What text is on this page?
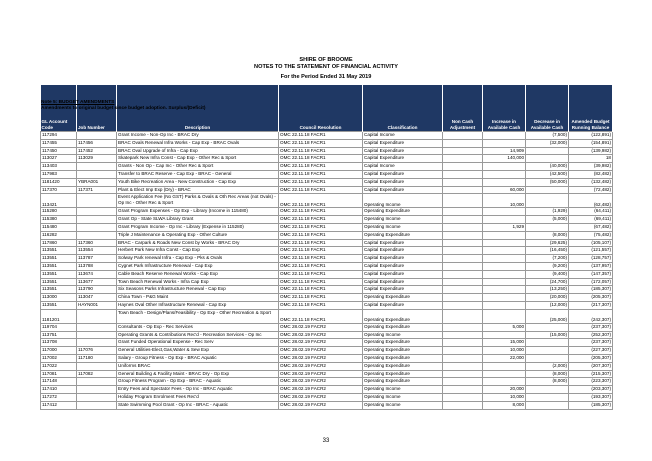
SHIRE OF BROOME
NOTES TO THE STATEMENT OF FINANCIAL ACTIVITY
For the Period Ended 31 May 2019
GL Account Code	Job Number	Description	Council Resolution	Classification	Non Cash Adjustment	Increase in Available Cash	Decrease in Available Cash	Amended Budget Running Balance
117294		Grant Income - Non-Op Inc - BRAC Dry	OMC 22.11.18 FACR1	Capital Income			(7,500)	(122,891)
117455	117456	BRAC Ovals Renewal Infra Works - Cap Exp - BRAC Ovals	OMC 22.11.18 FACR1	Capital Expenditure			(32,000)	(154,891)
117450	117452	BRAC Oval Upgrade of Infra - Cap Exp	OMC 22.11.18 FACR1	Capital Expenditure		14,909		(139,982)
113027	113029	Skatepark New Infra Const - Cap Exp - Other Rec & Sport	OMC 22.11.18 FACR1	Capital Expenditure		140,000		18
113403		Grants - Non Op - Cap Inc - Other Rec & Sport	OMC 22.11.18 FACR1	Capital Income			(40,000)	(39,982)
117983		Transfer to BRAC Reserve - Cap Exp - BRAC - General	OMC 22.11.18 FACR1	Capital Expenditure			(42,500)	(82,482)
1181420	YBRA001	Youth Bike Recreation Area - New Construction - Cap Exp	OMC 22.11.18 FACR1	Capital Expenditure			(50,000)	(132,482)
117370	117371	Plant & Elect Imp Exp (Dry) - BRAC	OMC 22.11.18 FACR1	Capital Expenditure		60,000		(72,482)
113421		Event Application Fee (No GST) Parks & Ovals & Oth Rec Areas (not Ovals) - Op Inc - Other Rec & Sport	OMC 22.11.18 FACR1	Operating Income		10,000		(62,482)
115280		Grant Program Expenses - Op Exp - Library (Income in 115480)	OMC 22.11.18 FACR1	Operating Expenditure			(1,929)	(64,411)
115380		Grant Op - State SLWA Library Grant	OMC 22.11.18 FACR1	Operating Income			(5,000)	(69,411)
115480		Grant Program Income - Op Inc - Library (Expense in 115280)	OMC 22.11.18 FACR1	Operating Income		1,929		(67,482)
116282		Triple J Maintenance & Operating Exp - Other Culture	OMC 22.11.18 FACR1	Operating Expenditure			(8,000)	(75,482)
117860	117360	BRAC - Carpark & Roads New Const by Works - BRAC Dry	OMC 22.11.18 FACR1	Capital Expenditure			(29,625)	(105,107)
113551	113554	Herbert Park New Infra Const - Cap Exp	OMC 22.11.18 FACR1	Capital Expenditure			(16,450)	(121,557)
113551	113787	Solway Park renewal Infra - Cap Exp - Pks & Ovals	OMC 22.11.18 FACR1	Capital Expenditure			(7,200)	(128,757)
113551	113788	Cygnet Park Infrastructure Renewal - Cap Exp	OMC 22.11.18 FACR1	Capital Expenditure			(9,200)	(137,957)
113551	113674	Cable Beach Reserve Renewal Works - Cap Exp	OMC 22.11.18 FACR1	Capital Expenditure			(9,400)	(147,357)
113551	113677	Town Beach Renewal Works - Infra Cap Exp	OMC 22.11.18 FACR1	Capital Expenditure			(24,700)	(172,057)
113551	113790	Six Seasons Parks Infrastructure Renewal - Cap Exp	OMC 22.11.18 FACR1	Capital Expenditure			(13,250)	(185,307)
113000	113047	China Town - P&G Maint	OMC 22.11.18 FACR1	Operating Expenditure			(20,000)	(205,307)
113551	HAYN001	Haynes Oval Other Infrastructure Renewal - Cap Exp	OMC 22.11.18 FACR1	Capital Expenditure			(12,000)	(217,307)
1181201		Town Beach - Design/Plans/Feasibility - Op Exp - Other Recreation & Sport	OMC 22.11.18 FACR1	Operating Expenditure			(25,000)	(242,307)
119704		Consultants - Op Exp - Rec Services	OMC 28.02.19 FACR2	Operating Expenditure		5,000		(237,307)
113751		Operating Grants & Contributions Rec'd - Recreation Services - Op Inc	OMC 28.02.19 FACR2	Operating Income			(15,000)	(252,307)
113708		Grant Funded Operational Expense - Rec Serv	OMC 28.02.19 FACR2	Operating Expenditure		15,000		(237,307)
117000	117076	General Utilities-Elect,Gas,Water & Sew Exp	OMC 28.02.19 FACR2	Operating Expenditure		10,000		(227,307)
117002	117180	Salary - Group Fitness - Op Exp - BRAC Aquatic	OMC 28.02.19 FACR2	Operating Expenditure		22,000		(205,307)
117022		Uniforms BRAC	OMC 28.02.19 FACR2	Operating Expenditure			(2,000)	(207,307)
117081	117082	General Building & Facility Maint - BRAC Dry - Op Exp	OMC 28.02.19 FACR2	Operating Expenditure			(8,000)	(215,307)
117148		Group Fitness Program - Op Exp - BRAC - Aquatic	OMC 28.02.19 FACR2	Operating Expenditure			(8,000)	(223,307)
117410		Entry Fees and Spectator Fees - Op Inc - BRAC Aquatic	OMC 28.02.19 FACR2	Operating Income		20,000		(203,307)
117272		Holiday Program Enrolment Fees Rec'd	OMC 28.02.19 FACR2	Operating Income		10,000		(193,307)
117412		State Swimming Pool Grant - Op Inc - BRAC - Aquatic	OMC 28.02.19 FACR2	Operating Income		8,000		(185,307)
Note 5: BUDGET AMENDMENTS
Amendments to original budget since budget adoption. Surplus/(Deficit)
33
